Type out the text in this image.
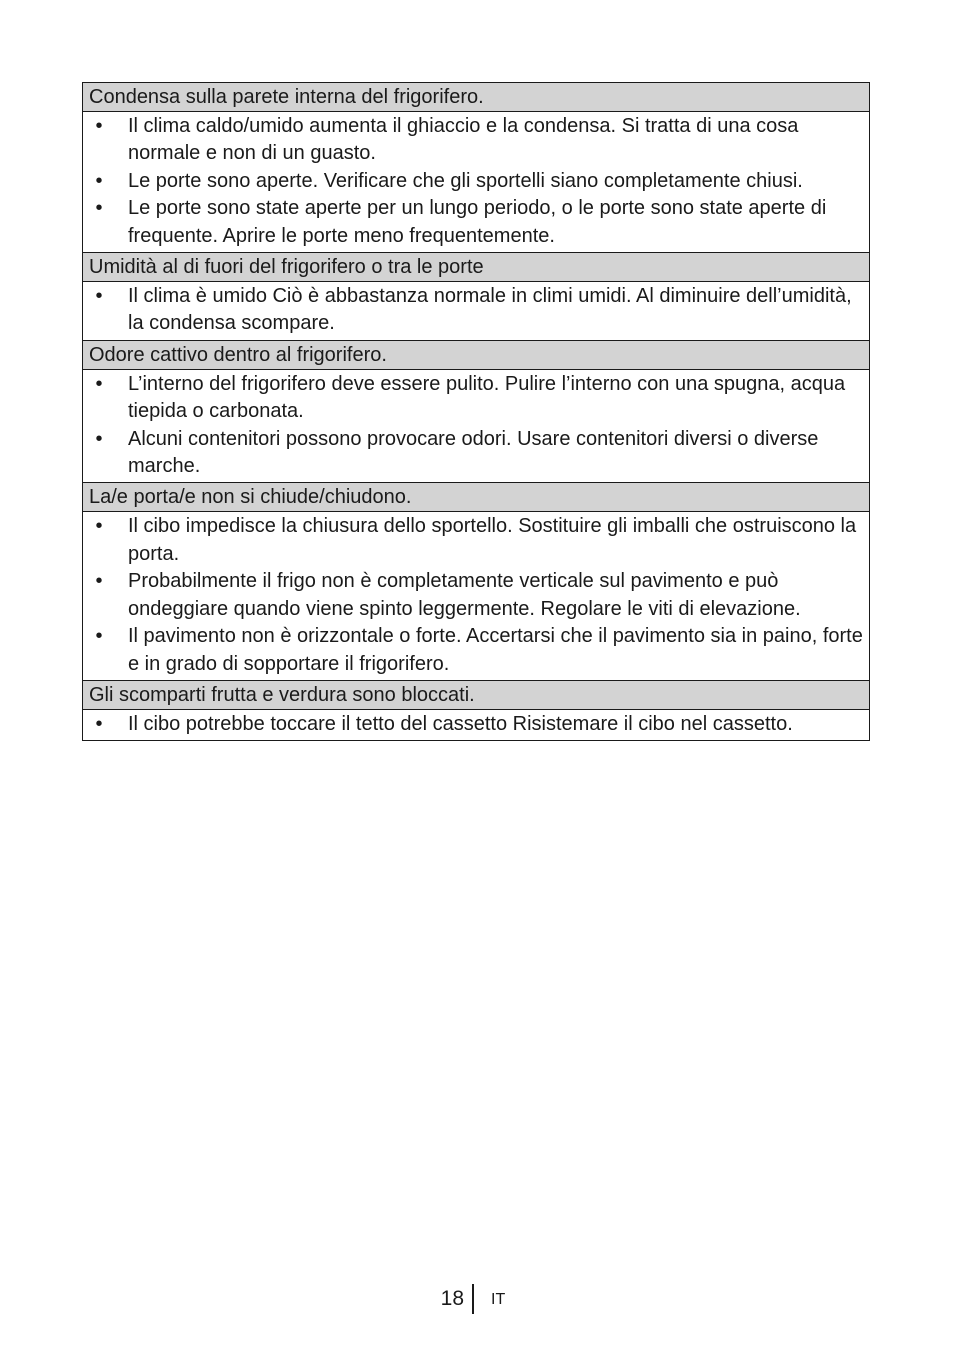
Condensa sulla parete interna del frigorifero.

•	Il clima caldo/umido aumenta il ghiaccio e la condensa. Si tratta di una cosa normale e non di un guasto.
•	Le porte sono aperte. Verificare che gli sportelli siano completamente chiusi.
•	Le porte sono state aperte per un lungo periodo, o le porte sono state aperte di frequente. Aprire le porte meno frequentemente.

Umidità al di fuori del frigorifero o tra le porte

•	Il clima è umido Ciò è abbastanza normale in climi umidi. Al diminuire dell’umidità, la condensa scompare.

Odore cattivo dentro al frigorifero.

•	L’interno del frigorifero deve essere pulito. Pulire l’interno con una spugna, acqua tiepida o carbonata.
•	Alcuni contenitori possono provocare odori. Usare contenitori diversi o diverse marche.

La/e porta/e non si chiude/chiudono.

•	Il cibo impedisce la chiusura dello sportello. Sostituire gli imballi che ostruiscono la porta.
•	Probabilmente il frigo non è completamente verticale sul pavimento e può ondeggiare quando viene spinto leggermente. Regolare le viti di elevazione.
•	Il pavimento non è orizzontale o forte. Accertarsi che il pavimento sia in paino, forte e in grado di sopportare il frigorifero.

Gli scomparti frutta e verdura sono bloccati.

•	Il cibo potrebbe toccare il tetto del cassetto Risistemare il cibo nel cassetto.
18 IT
